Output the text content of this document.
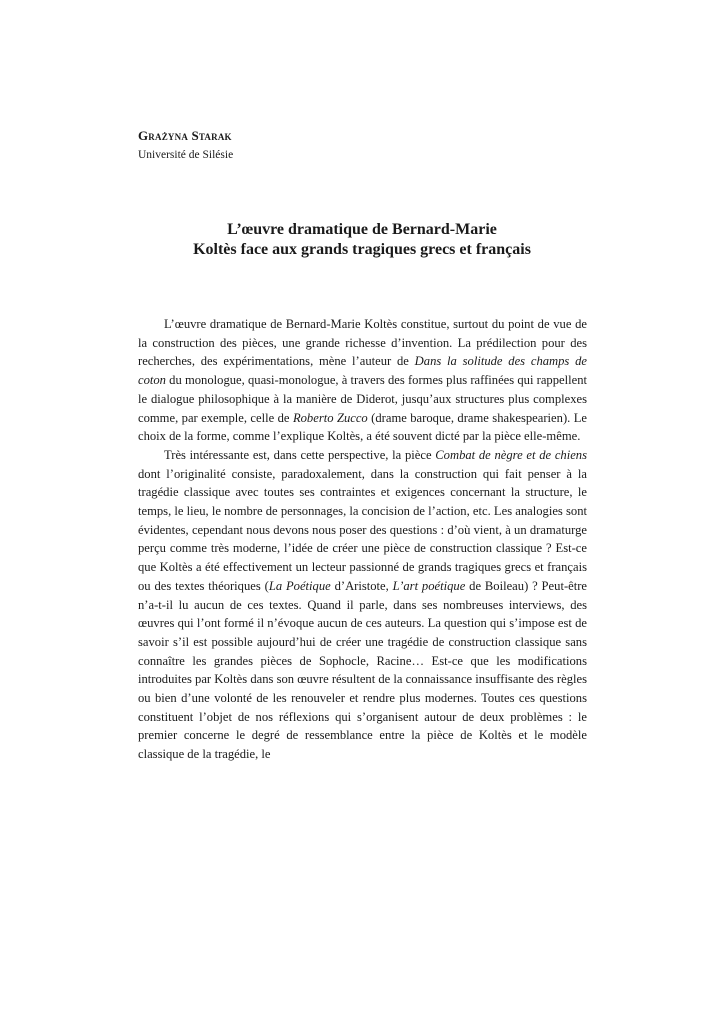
Grażyna Starak

Université de Silésie

L’œuvre dramatique de Bernard-Marie
Koltès face aux grands tragiques grecs et français

L’œuvre dramatique de Bernard-Marie Koltès constitue, surtout du point de vue de la construction des pièces, une grande richesse d’invention. La prédilection pour des recherches, des expérimentations, mène l’auteur de Dans la solitude des champs de coton du monologue, quasi-monologue, à travers des formes plus raffinées qui rappellent le dialogue philosophique à la manière de Diderot, jusqu’aux structures plus complexes comme, par exemple, celle de Roberto Zucco (drame baroque, drame shakespearien). Le choix de la forme, comme l’explique Koltès, a été souvent dicté par la pièce elle-même.

Très intéressante est, dans cette perspective, la pièce Combat de nègre et de chiens dont l’originalité consiste, paradoxalement, dans la construction qui fait penser à la tragédie classique avec toutes ses contraintes et exigences concernant la structure, le temps, le lieu, le nombre de personnages, la concision de l’action, etc. Les analogies sont évidentes, cependant nous devons nous poser des questions : d’où vient, à un dramaturge perçu comme très moderne, l’idée de créer une pièce de construction classique ? Est-ce que Koltès a été effectivement un lecteur passionné de grands tragiques grecs et français ou des textes théoriques (La Poétique d’Aristote, L’art poétique de Boileau) ? Peut-être n’a-t-il lu aucun de ces textes. Quand il parle, dans ses nombreuses interviews, des œuvres qui l’ont formé il n’évoque aucun de ces auteurs. La question qui s’impose est de savoir s’il est possible aujourd’hui de créer une tragédie de construction classique sans connaître les grandes pièces de Sophocle, Racine… Est-ce que les modifications introduites par Koltès dans son œuvre résultent de la connaissance insuffisante des règles ou bien d’une volonté de les renouveler et rendre plus modernes. Toutes ces questions constituent l’objet de nos réflexions qui s’organisent autour de deux problèmes : le premier concerne le degré de ressemblance entre la pièce de Koltès et le modèle classique de la tragédie, le
